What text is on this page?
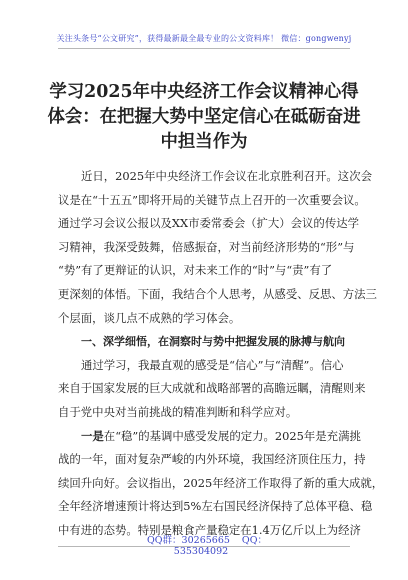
关注头条号“公文研究”，获得最新最全最专业的公文资料库！ 微信：gongwenyj
学习2025年中央经济工作会议精神心得
体会：在把握大势中坚定信心在砥砺奋进
中担当作为
近日，2025年中央经济工作会议在北京胜利召开。这次会
议是在“十五五”即将开局的关键节点上召开的一次重要会议。
通过学习会议公报以及XX市委常委会（扩大）会议的传达学
习精神，我深受鼓舞，倍感振奋，对当前经济形势的“形”与
“势”有了更辩证的认识，对未来工作的“时”与“责”有了
更深刻的体悟。下面，我结合个人思考，从感受、反思、方法三
个层面，谈几点不成熟的学习体会。
一、深学细悟，在洞察时与势中把握发展的脉搏与航向
通过学习，我最直观的感受是“信心”与“清醒”。信心
来自于国家发展的巨大成就和战略部署的高瞻远瞩，清醒则来
自于党中央对当前挑战的精准判断和科学应对。
一是在“稳”的基调中感受发展的定力。2025年是充满挑
战的一年，面对复杂严峻的内外环境，我国经济顶住压力，持
续回升向好。会议指出，2025年经济工作取得了新的重大成就，
全年经济增速预计将达到5%左右国民经济保持了总体平稳、稳
中有进的态势。特别是粮食产量稳定在1.4万亿斤以上为经济
QQ群：30265665 QQ：535304092
